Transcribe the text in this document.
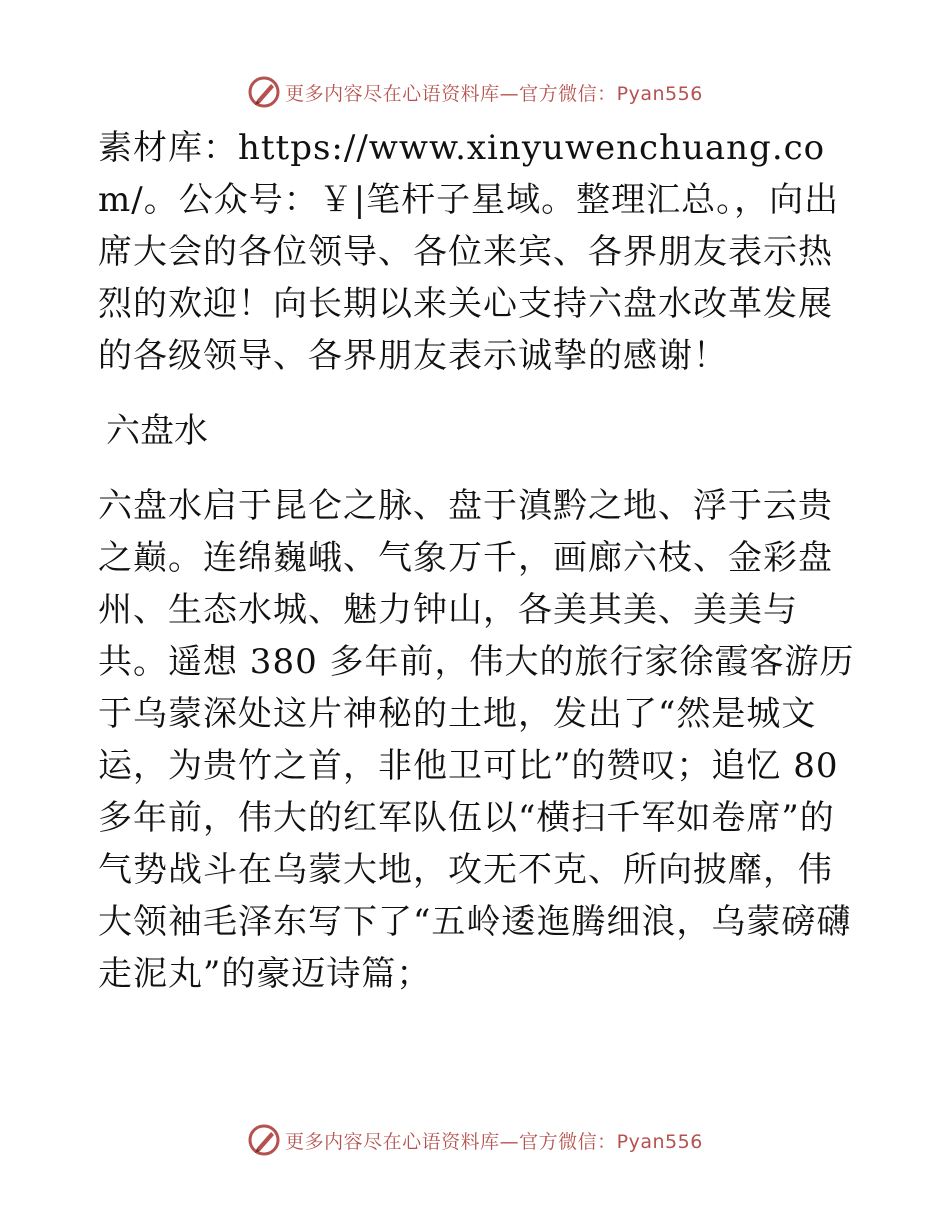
更多内容尽在心语资料库—官方微信：Pyan556

素材库：https://www.xinyuwenchuang.com/。公众号：￥|笔杆子星域。整理汇总。，向出席大会的各位领导、各位来宾、各界朋友表示热烈的欢迎！向长期以来关心支持六盘水改革发展的各级领导、各界朋友表示诚挚的感谢！

六盘水

六盘水启于昆仑之脉、盘于滇黔之地、浮于云贵之巅。连绵巍峨、气象万千，画廊六枝、金彩盘州、生态水城、魅力钟山，各美其美、美美与共。遥想 380 多年前，伟大的旅行家徐霞客游历于乌蒙深处这片神秘的土地，发出了“然是城文运，为贵竹之首，非他卫可比”的赞叹；追忆 80 多年前，伟大的红军队伍以“横扫千军如卷席”的气势战斗在乌蒙大地，攻无不克、所向披靡，伟大领袖毛泽东写下了“五岭逶迤腾细浪，乌蒙磅礴走泥丸”的豪迈诗篇；

更多内容尽在心语资料库—官方微信：Pyan556
